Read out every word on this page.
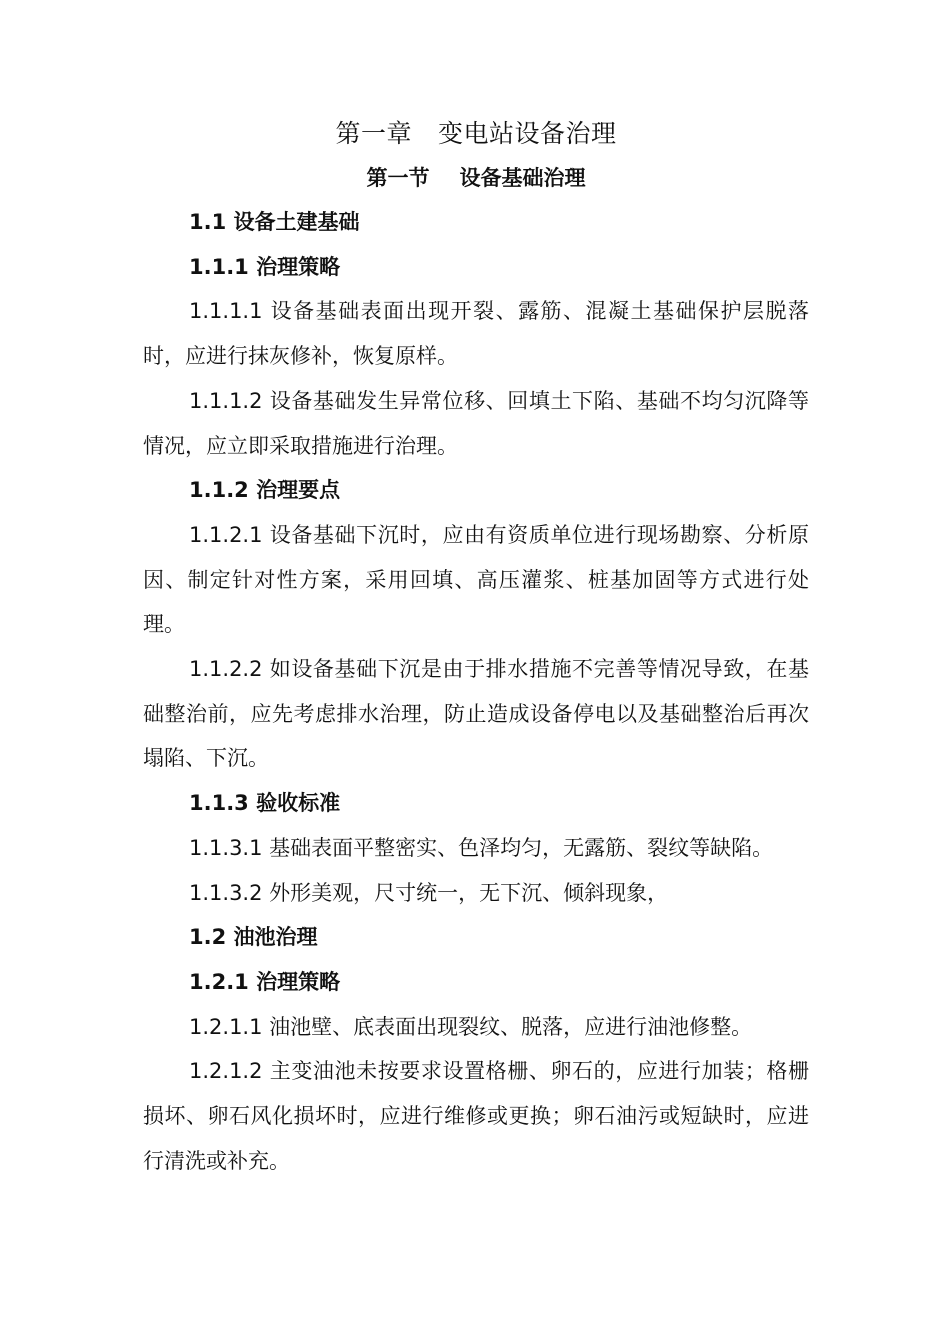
第一章 变电站设备治理
第一节 设备基础治理

1.1 设备土建基础

1.1.1 治理策略

1.1.1.1 设备基础表面出现开裂、露筋、混凝土基础保护层脱落时，应进行抹灰修补，恢复原样。

1.1.1.2 设备基础发生异常位移、回填土下陷、基础不均匀沉降等情况，应立即采取措施进行治理。

1.1.2 治理要点

1.1.2.1 设备基础下沉时，应由有资质单位进行现场勘察、分析原因、制定针对性方案，采用回填、高压灌浆、桩基加固等方式进行处理。

1.1.2.2 如设备基础下沉是由于排水措施不完善等情况导致，在基础整治前，应先考虑排水治理，防止造成设备停电以及基础整治后再次塌陷、下沉。

1.1.3 验收标准

1.1.3.1 基础表面平整密实、色泽均匀，无露筋、裂纹等缺陷。

1.1.3.2 外形美观，尺寸统一，无下沉、倾斜现象，

1.2 油池治理

1.2.1 治理策略

1.2.1.1 油池壁、底表面出现裂纹、脱落，应进行油池修整。

1.2.1.2 主变油池未按要求设置格栅、卵石的，应进行加装；格栅损坏、卵石风化损坏时，应进行维修或更换；卵石油污或短缺时，应进行清洗或补充。
